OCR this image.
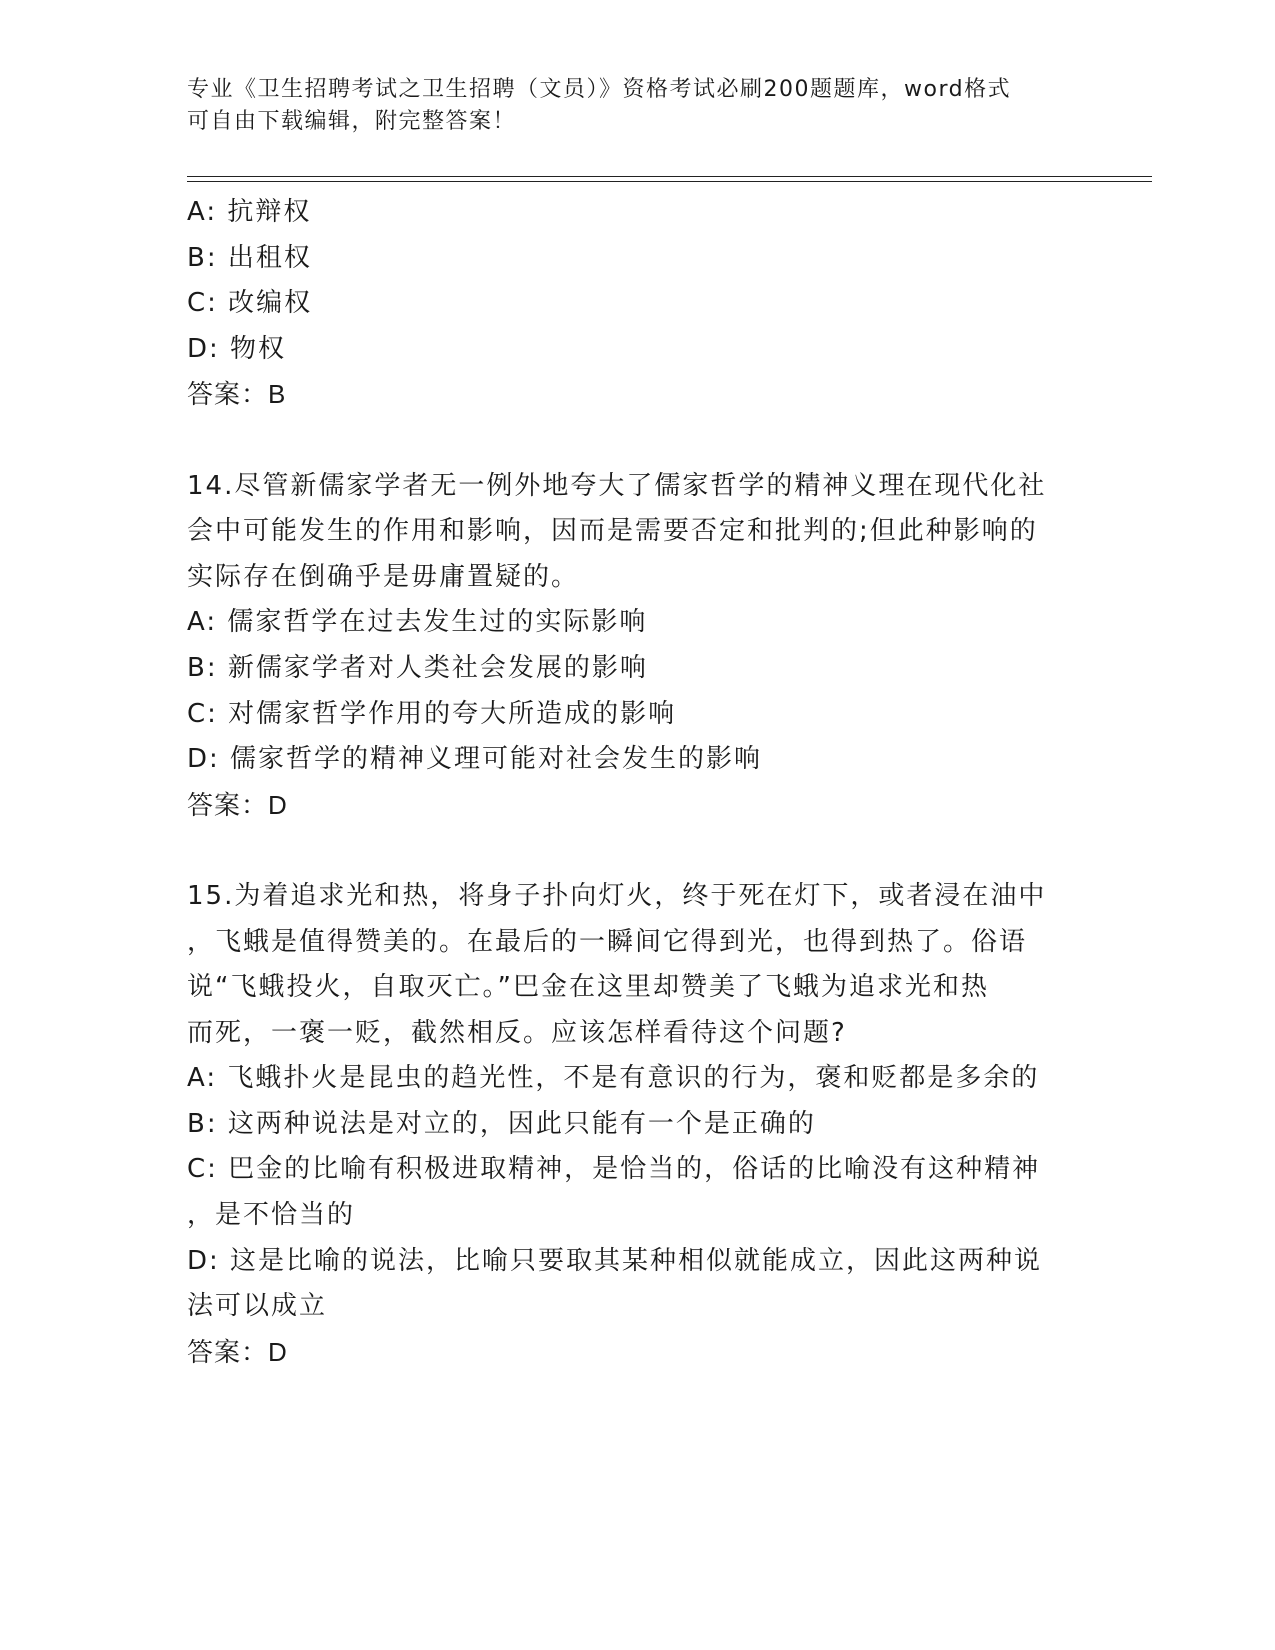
专业《卫生招聘考试之卫生招聘（文员）》资格考试必刷200题题库，word格式
可自由下载编辑，附完整答案！
A: 抗辩权
B: 出租权
C: 改编权
D: 物权
答案：B
14.尽管新儒家学者无一例外地夸大了儒家哲学的精神义理在现代化社
会中可能发生的作用和影响，因而是需要否定和批判的;但此种影响的
实际存在倒确乎是毋庸置疑的。
A: 儒家哲学在过去发生过的实际影响
B: 新儒家学者对人类社会发展的影响
C: 对儒家哲学作用的夸大所造成的影响
D: 儒家哲学的精神义理可能对社会发生的影响
答案：D
15.为着追求光和热，将身子扑向灯火，终于死在灯下，或者浸在油中
，飞蛾是值得赞美的。在最后的一瞬间它得到光，也得到热了。俗语
说“飞蛾投火，自取灭亡。”巴金在这里却赞美了飞蛾为追求光和热
而死，一褒一贬，截然相反。应该怎样看待这个问题?
A: 飞蛾扑火是昆虫的趋光性，不是有意识的行为，褒和贬都是多余的
B: 这两种说法是对立的，因此只能有一个是正确的
C: 巴金的比喻有积极进取精神，是恰当的，俗话的比喻没有这种精神
，是不恰当的
D: 这是比喻的说法，比喻只要取其某种相似就能成立，因此这两种说
法可以成立
答案：D
